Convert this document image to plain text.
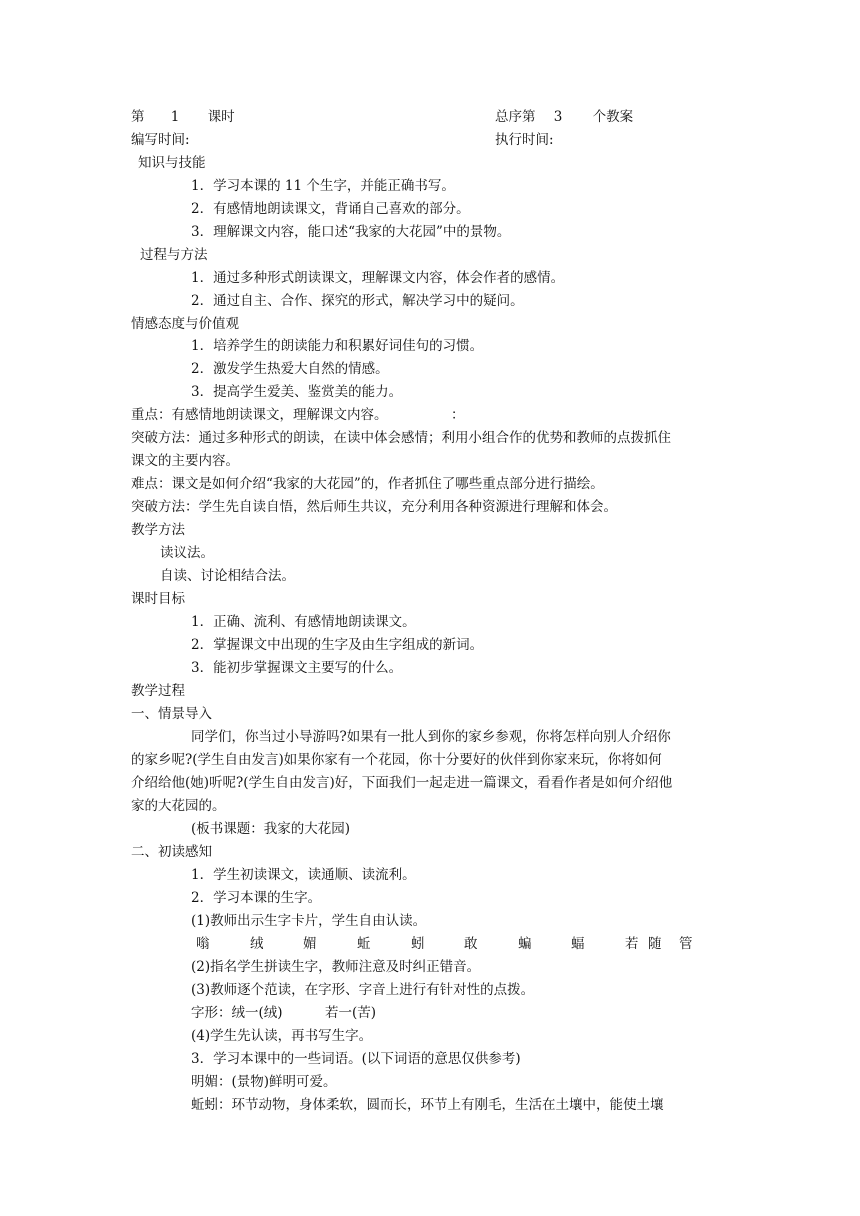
第 1 课时	总序第 3 个教案
编写时间:	执行时间:
知识与技能
1．学习本课的 11 个生字，并能正确书写。
2．有感情地朗读课文，背诵自己喜欢的部分。
3．理解课文内容，能口述“我家的大花园”中的景物。
过程与方法
1．通过多种形式朗读课文，理解课文内容，体会作者的感情。
2．通过自主、合作、探究的形式，解决学习中的疑问。
情感态度与价值观
1．培养学生的朗读能力和积累好词佳句的习惯。
2．激发学生热爱大自然的情感。
3．提高学生爱美、鉴赏美的能力。
重点：有感情地朗读课文，理解课文内容。	：
突破方法：通过多种形式的朗读，在读中体会感情；利用小组合作的优势和教师的点拨抓住
课文的主要内容。
难点：课文是如何介绍“我家的大花园”的，作者抓住了哪些重点部分进行描绘。
突破方法：学生先自读自悟，然后师生共议，充分利用各种资源进行理解和体会。
教学方法
读议法。
自读、讨论相结合法。
课时目标
1．正确、流利、有感情地朗读课文。
2．掌握课文中出现的生字及由生字组成的新词。
3．能初步掌握课文主要写的什么。
教学过程
一、情景导入
同学们，你当过小导游吗?如果有一批人到你的家乡参观，你将怎样向别人介绍你
的家乡呢?(学生自由发言)如果你家有一个花园，你十分要好的伙伴到你家来玩，你将如何
介绍给他(她)听呢?(学生自由发言)好，下面我们一起走进一篇课文，看看作者是如何介绍他
家的大花园的。
(板书课题：我家的大花园)
二、初读感知
1．学生初读课文，读通顺、读流利。
2．学习本课的生字。
(1)教师出示生字卡片，学生自由认读。
嗡	绒	媚	蚯	蚓	敢	蝙	蝠	若	管
随
(2)指名学生拼读生字，教师注意及时纠正错音。
(3)教师逐个范读，在字形、字音上进行有针对性的点拨。
字形：绒一(绒)	若一(苦)
(4)学生先认读，再书写生字。
3．学习本课中的一些词语。(以下词语的意思仅供参考)
明媚：(景物)鲜明可爱。
蚯蚓：环节动物，身体柔软，圆而长，环节上有刚毛，生活在土壤中，能使土壤
